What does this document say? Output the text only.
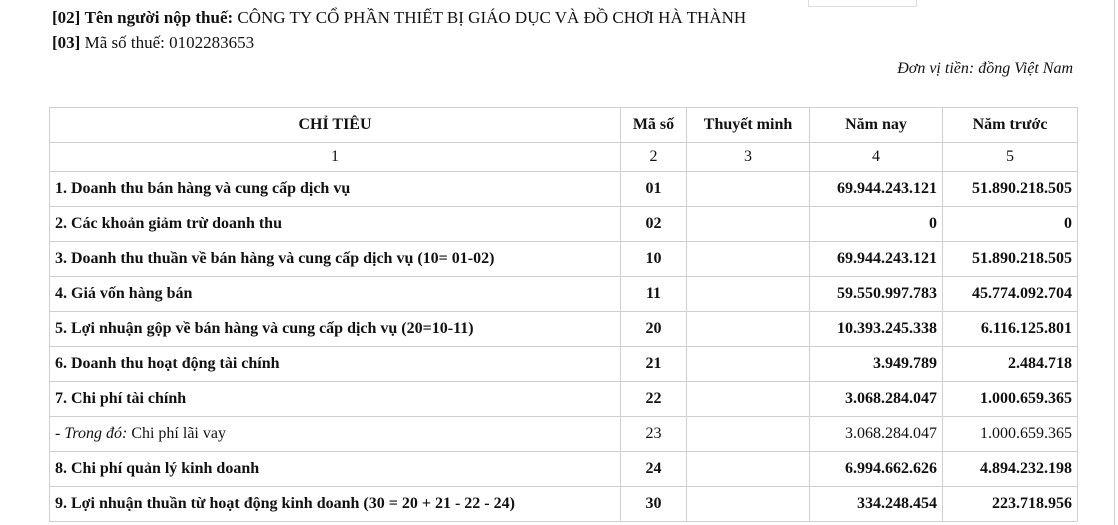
[02] Tên người nộp thuế: CÔNG TY CỔ PHẦN THIẾT BỊ GIÁO DỤC VÀ ĐỒ CHƠI HÀ THÀNH
[03] Mã số thuế: 0102283653
Đơn vị tiền: đồng Việt Nam
CHỈ TIÊU	Mã số	Thuyết minh	Năm nay	Năm trước
1	2	3	4	5
1. Doanh thu bán hàng và cung cấp dịch vụ	01		69.944.243.121	51.890.218.505
2. Các khoản giảm trừ doanh thu	02		0	0
3. Doanh thu thuần về bán hàng và cung cấp dịch vụ (10= 01-02)	10		69.944.243.121	51.890.218.505
4. Giá vốn hàng bán	11		59.550.997.783	45.774.092.704
5. Lợi nhuận gộp về bán hàng và cung cấp dịch vụ (20=10-11)	20		10.393.245.338	6.116.125.801
6. Doanh thu hoạt động tài chính	21		3.949.789	2.484.718
7. Chi phí tài chính	22		3.068.284.047	1.000.659.365
- Trong đó: Chi phí lãi vay	23		3.068.284.047	1.000.659.365
8. Chi phí quản lý kinh doanh	24		6.994.662.626	4.894.232.198
9. Lợi nhuận thuần từ hoạt động kinh doanh (30 = 20 + 21 - 22 - 24)	30		334.248.454	223.718.956
